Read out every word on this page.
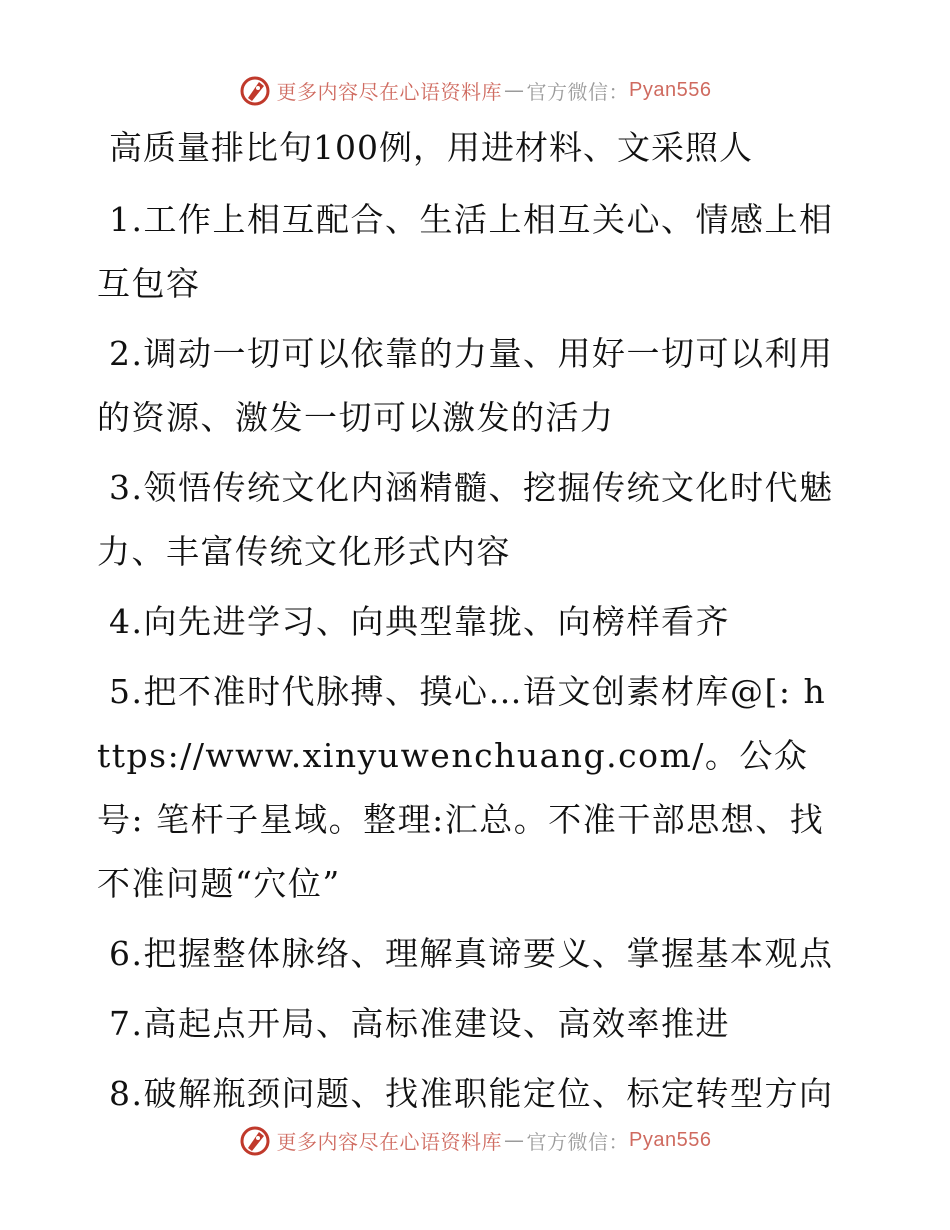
更多内容尽在心语资料库 — 官方微信： Pyan556

高质量排比句100例，用进材料、文采照人

1.工作上相互配合、生活上相互关心、情感上相互包容

2.调动一切可以依靠的力量、用好一切可以利用的资源、激发一切可以激发的活力

3.领悟传统文化内涵精髓、挖掘传统文化时代魅力、丰富传统文化形式内容

4.向先进学习、向典型靠拢、向榜样看齐

5.把不准时代脉搏、摸心…语文创素材库@[: https://www.xinyuwenchuang.com/。公众号: 笔杆子星域。整理:汇总。不准干部思想、找不准问题“穴位”

6.把握整体脉络、理解真谛要义、掌握基本观点

7.高起点开局、高标准建设、高效率推进

8.破解瓶颈问题、找准职能定位、标定转型方向

更多内容尽在心语资料库 — 官方微信： Pyan556
